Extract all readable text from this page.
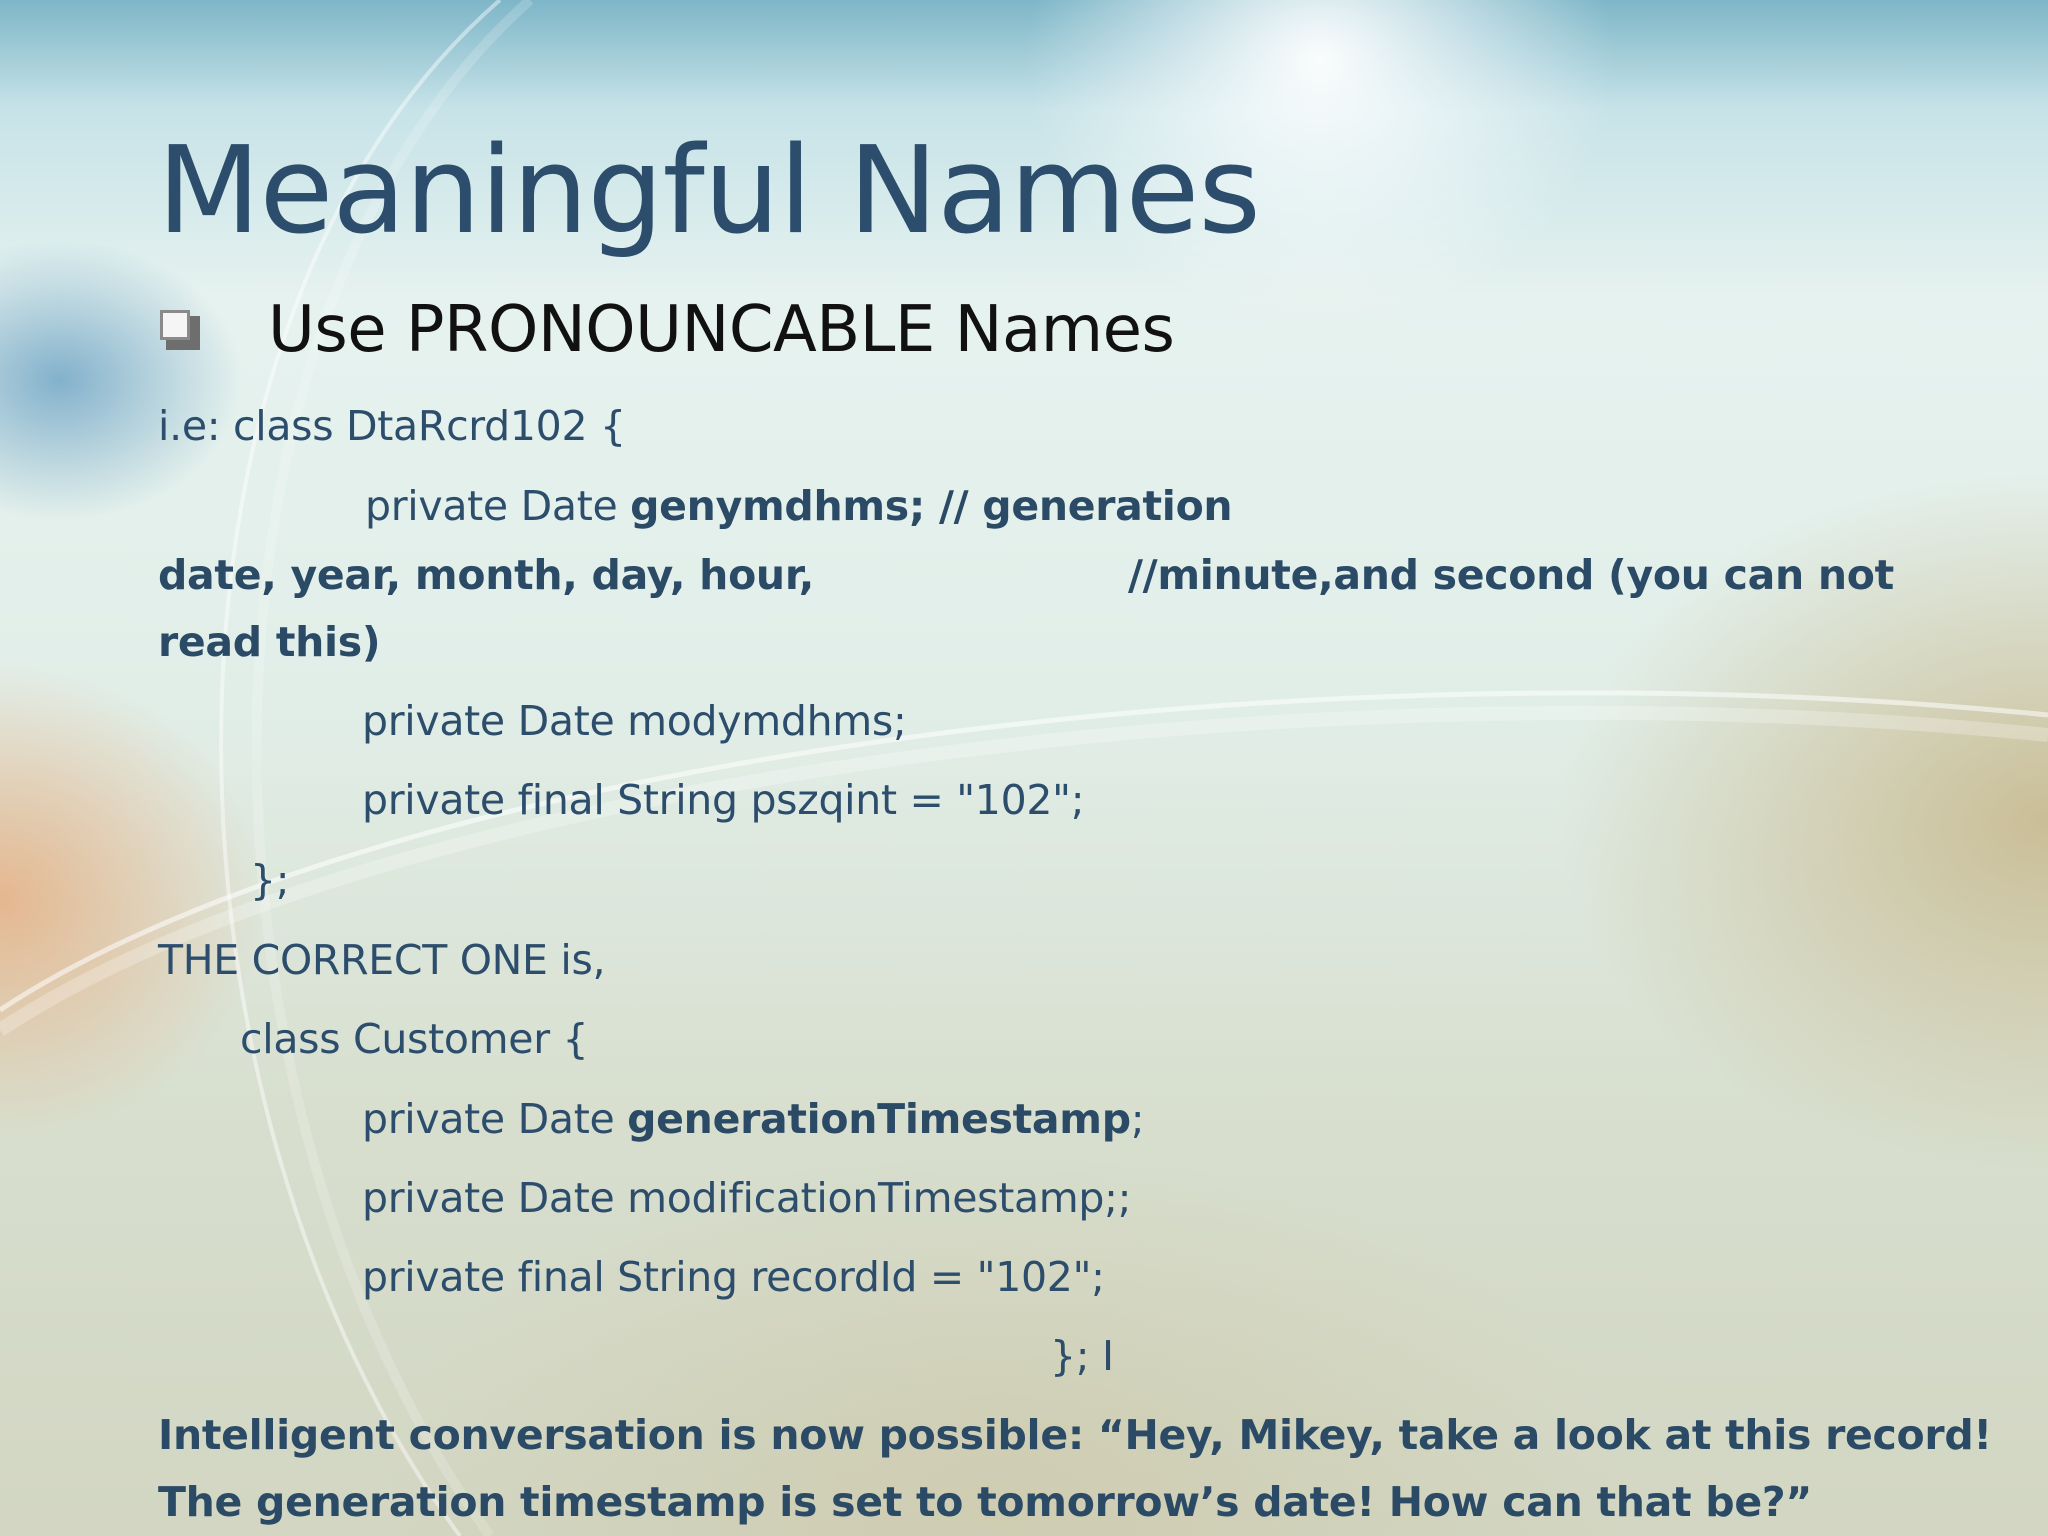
Meaningful Names
Use PRONOUNCABLE Names
i.e: class DtaRcrd102 {
private Date genymdhms; // generation
date, year, month, day, hour,	//minute,and second (you can not
read this)
private Date modymdhms;
private final String pszqint = "102";
};
THE CORRECT ONE is,
class Customer {
private Date generationTimestamp;
private Date modificationTimestamp;;
private final String recordId = "102";
}; I
Intelligent conversation is now possible: “Hey, Mikey, take a look at this record!
The generation timestamp is set to tomorrow’s date! How can that be?”
